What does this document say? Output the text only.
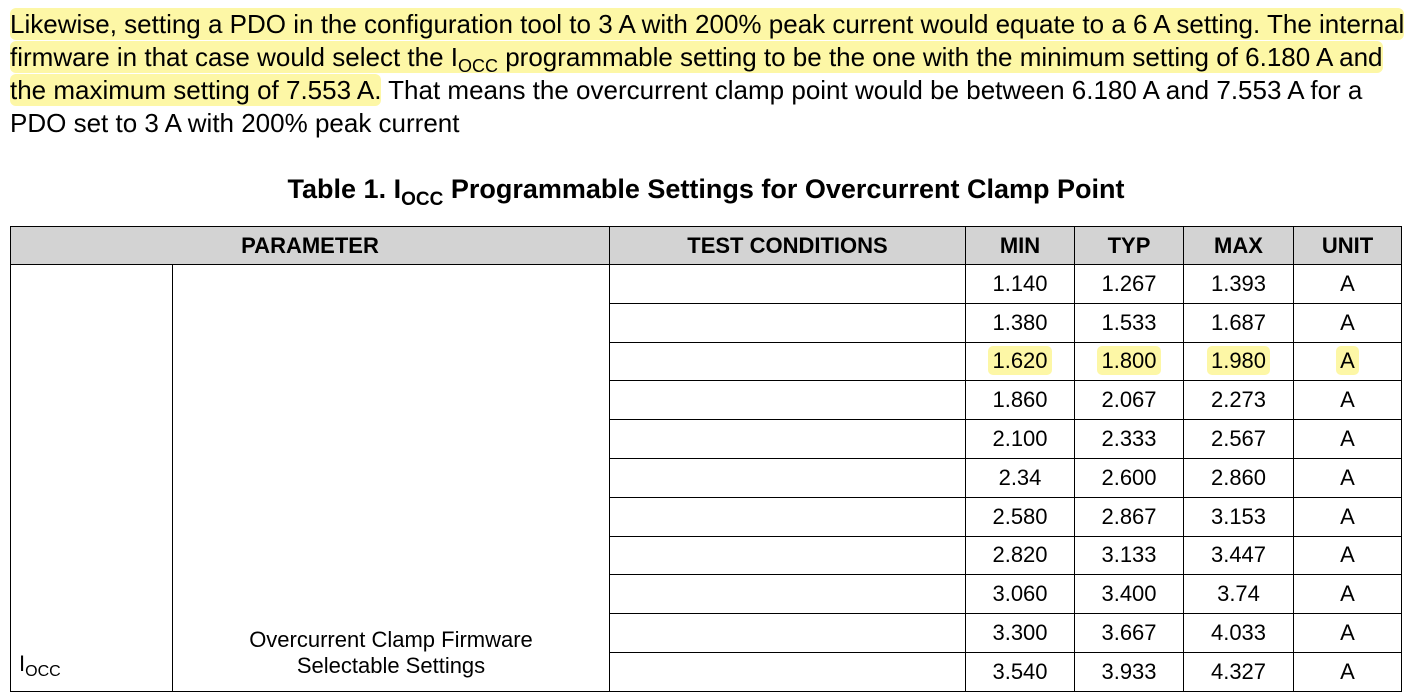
Likewise, setting a PDO in the configuration tool to 3 A with 200% peak current would equate to a 6 A setting. The internal firmware in that case would select the $I_{OCC}$ programmable setting to be the one with the minimum setting of 6.180 A and the maximum setting of 7.553 A. That means the overcurrent clamp point would be between 6.180 A and 7.553 A for a PDO set to 3 A with 200% peak current

Table 1. $I_{OCC}$ Programmable Settings for Overcurrent Clamp Point

PARAMETER		TEST CONDITIONS	MIN	TYP	MAX	UNIT
$I_{OCC}$	Overcurrent Clamp Firmware
Selectable Settings		1.140	1.267	1.393	A
			1.380	1.533	1.687	A
			1.620	1.800	1.980	A
			1.860	2.067	2.273	A
			2.100	2.333	2.567	A
			2.34	2.600	2.860	A
			2.580	2.867	3.153	A
			2.820	3.133	3.447	A
			3.060	3.400	3.74	A
			3.300	3.667	4.033	A
			3.540	3.933	4.327	A
